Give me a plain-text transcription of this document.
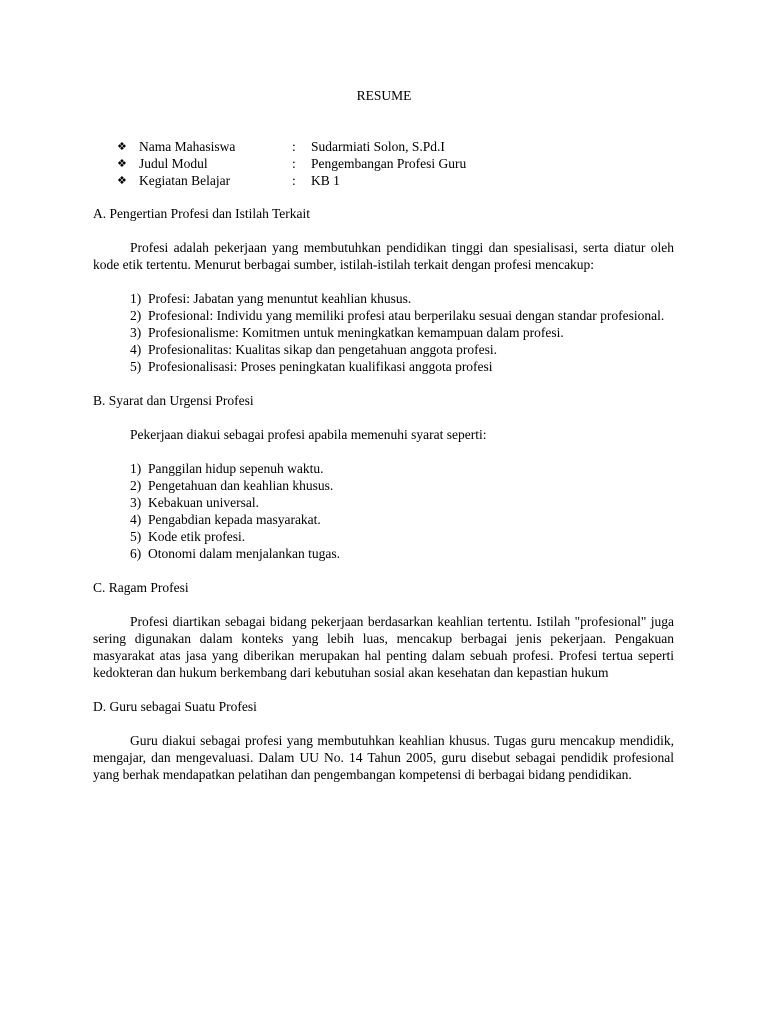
RESUME
❖	Nama Mahasiswa	:	Sudarmiati Solon, S.Pd.I
❖	Judul Modul	:	Pengembangan Profesi Guru
❖	Kegiatan Belajar	:	KB 1
A. Pengertian Profesi dan Istilah Terkait

Profesi adalah pekerjaan yang membutuhkan pendidikan tinggi dan spesialisasi, serta diatur oleh kode etik tertentu. Menurut berbagai sumber, istilah-istilah terkait dengan profesi mencakup:

1) Profesi: Jabatan yang menuntut keahlian khusus.
2) Profesional: Individu yang memiliki profesi atau berperilaku sesuai dengan standar profesional.
3) Profesionalisme: Komitmen untuk meningkatkan kemampuan dalam profesi.
4) Profesionalitas: Kualitas sikap dan pengetahuan anggota profesi.
5) Profesionalisasi: Proses peningkatan kualifikasi anggota profesi
B. Syarat dan Urgensi Profesi

Pekerjaan diakui sebagai profesi apabila memenuhi syarat seperti:

1) Panggilan hidup sepenuh waktu.
2) Pengetahuan dan keahlian khusus.
3) Kebakuan universal.
4) Pengabdian kepada masyarakat.
5) Kode etik profesi.
6) Otonomi dalam menjalankan tugas.
C. Ragam Profesi

Profesi diartikan sebagai bidang pekerjaan berdasarkan keahlian tertentu. Istilah "profesional" juga sering digunakan dalam konteks yang lebih luas, mencakup berbagai jenis pekerjaan. Pengakuan masyarakat atas jasa yang diberikan merupakan hal penting dalam sebuah profesi. Profesi tertua seperti kedokteran dan hukum berkembang dari kebutuhan sosial akan kesehatan dan kepastian hukum

D. Guru sebagai Suatu Profesi

Guru diakui sebagai profesi yang membutuhkan keahlian khusus. Tugas guru mencakup mendidik, mengajar, dan mengevaluasi. Dalam UU No. 14 Tahun 2005, guru disebut sebagai pendidik profesional yang berhak mendapatkan pelatihan dan pengembangan kompetensi di berbagai bidang pendidikan.
